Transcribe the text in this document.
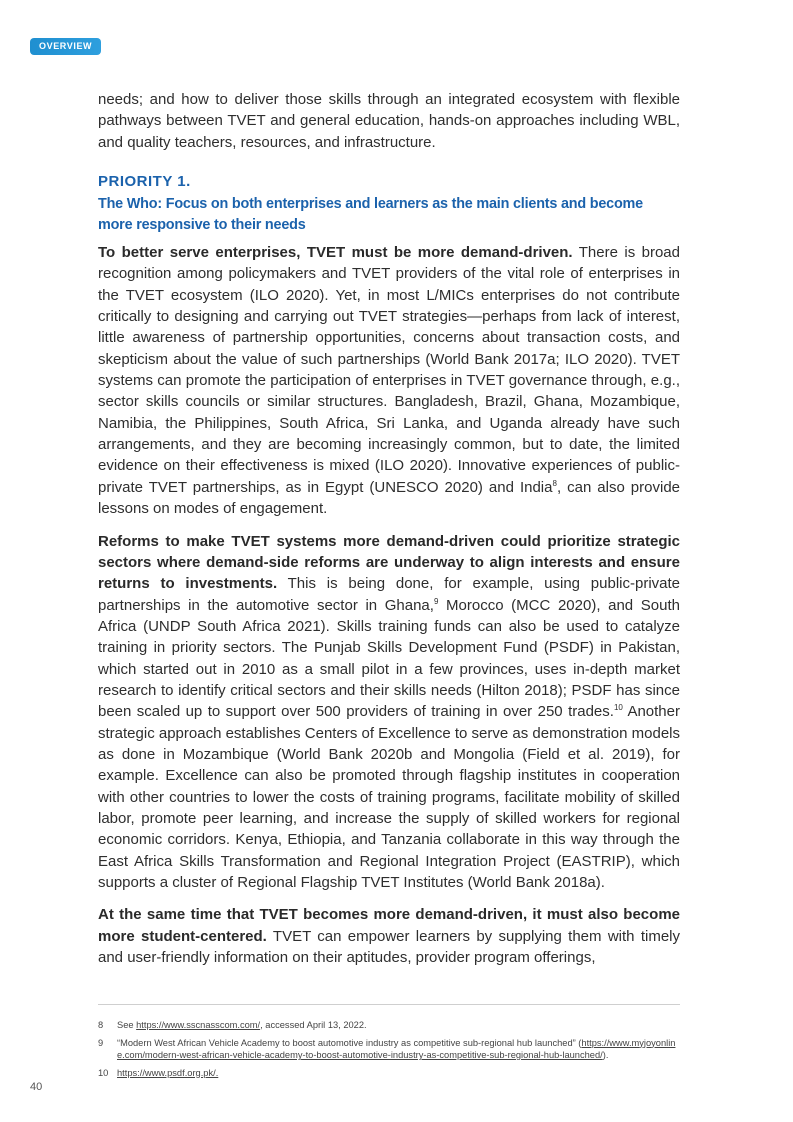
OVERVIEW

needs; and how to deliver those skills through an integrated ecosystem with flexible pathways between TVET and general education, hands-on approaches including WBL, and quality teachers, resources, and infrastructure.

PRIORITY 1.
The Who: Focus on both enterprises and learners as the main clients and become more responsive to their needs

To better serve enterprises, TVET must be more demand-driven. There is broad recognition among policymakers and TVET providers of the vital role of enterprises in the TVET ecosystem (ILO 2020). Yet, in most L/MICs enterprises do not contribute critically to designing and carrying out TVET strategies—perhaps from lack of interest, little awareness of partnership opportunities, concerns about transaction costs, and skepticism about the value of such partnerships (World Bank 2017a; ILO 2020). TVET systems can promote the participation of enterprises in TVET governance through, e.g., sector skills councils or similar structures. Bangladesh, Brazil, Ghana, Mozambique, Namibia, the Philippines, South Africa, Sri Lanka, and Uganda already have such arrangements, and they are becoming increasingly common, but to date, the limited evidence on their effectiveness is mixed (ILO 2020). Innovative experiences of public-private TVET partnerships, as in Egypt (UNESCO 2020) and India$^8$, can also provide lessons on modes of engagement.

Reforms to make TVET systems more demand-driven could prioritize strategic sectors where demand-side reforms are underway to align interests and ensure returns to investments. This is being done, for example, using public-private partnerships in the automotive sector in Ghana,$^9$ Morocco (MCC 2020), and South Africa (UNDP South Africa 2021). Skills training funds can also be used to catalyze training in priority sectors. The Punjab Skills Development Fund (PSDF) in Pakistan, which started out in 2010 as a small pilot in a few provinces, uses in-depth market research to identify critical sectors and their skills needs (Hilton 2018); PSDF has since been scaled up to support over 500 providers of training in over 250 trades.$^{10}$ Another strategic approach establishes Centers of Excellence to serve as demonstration models as done in Mozambique (World Bank 2020b and Mongolia (Field et al. 2019), for example. Excellence can also be promoted through flagship institutes in cooperation with other countries to lower the costs of training programs, facilitate mobility of skilled labor, promote peer learning, and increase the supply of skilled workers for regional economic corridors. Kenya, Ethiopia, and Tanzania collaborate in this way through the East Africa Skills Transformation and Regional Integration Project (EASTRIP), which supports a cluster of Regional Flagship TVET Institutes (World Bank 2018a).

At the same time that TVET becomes more demand-driven, it must also become more student-centered. TVET can empower learners by supplying them with timely and user-friendly information on their aptitudes, provider program offerings,

8	See https://www.sscnasscom.com/, accessed April 13, 2022.
9	“Modern West African Vehicle Academy to boost automotive industry as competitive sub-regional hub launched” (https://www.myjoyonline.com/modern-west-african-vehicle-academy-to-boost-automotive-industry-as-competitive-sub-regional-hub-launched/).
10 https://www.psdf.org.pk/.
40
